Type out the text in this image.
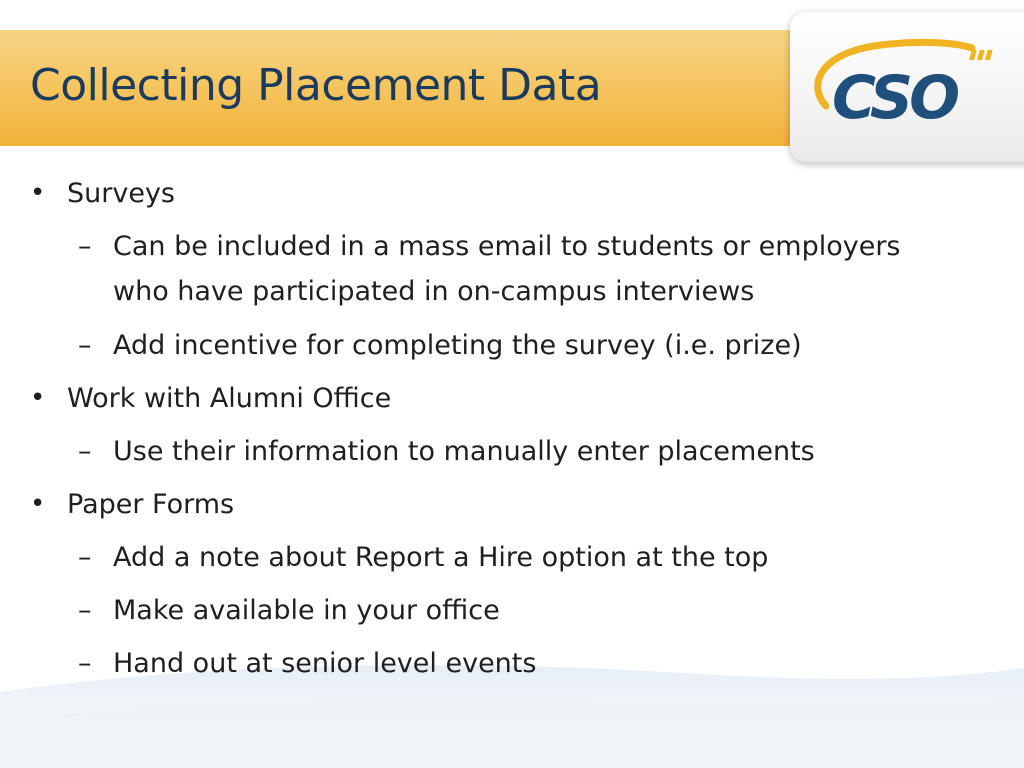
Collecting Placement Data	CSO
• Surveys
– Can be included in a mass email to students or employers
who have participated in on-campus interviews
– Add incentive for completing the survey (i.e. prize)
• Work with Alumni Office
– Use their information to manually enter placements
• Paper Forms
– Add a note about Report a Hire option at the top
– Make available in your office
– Hand out at senior level events
